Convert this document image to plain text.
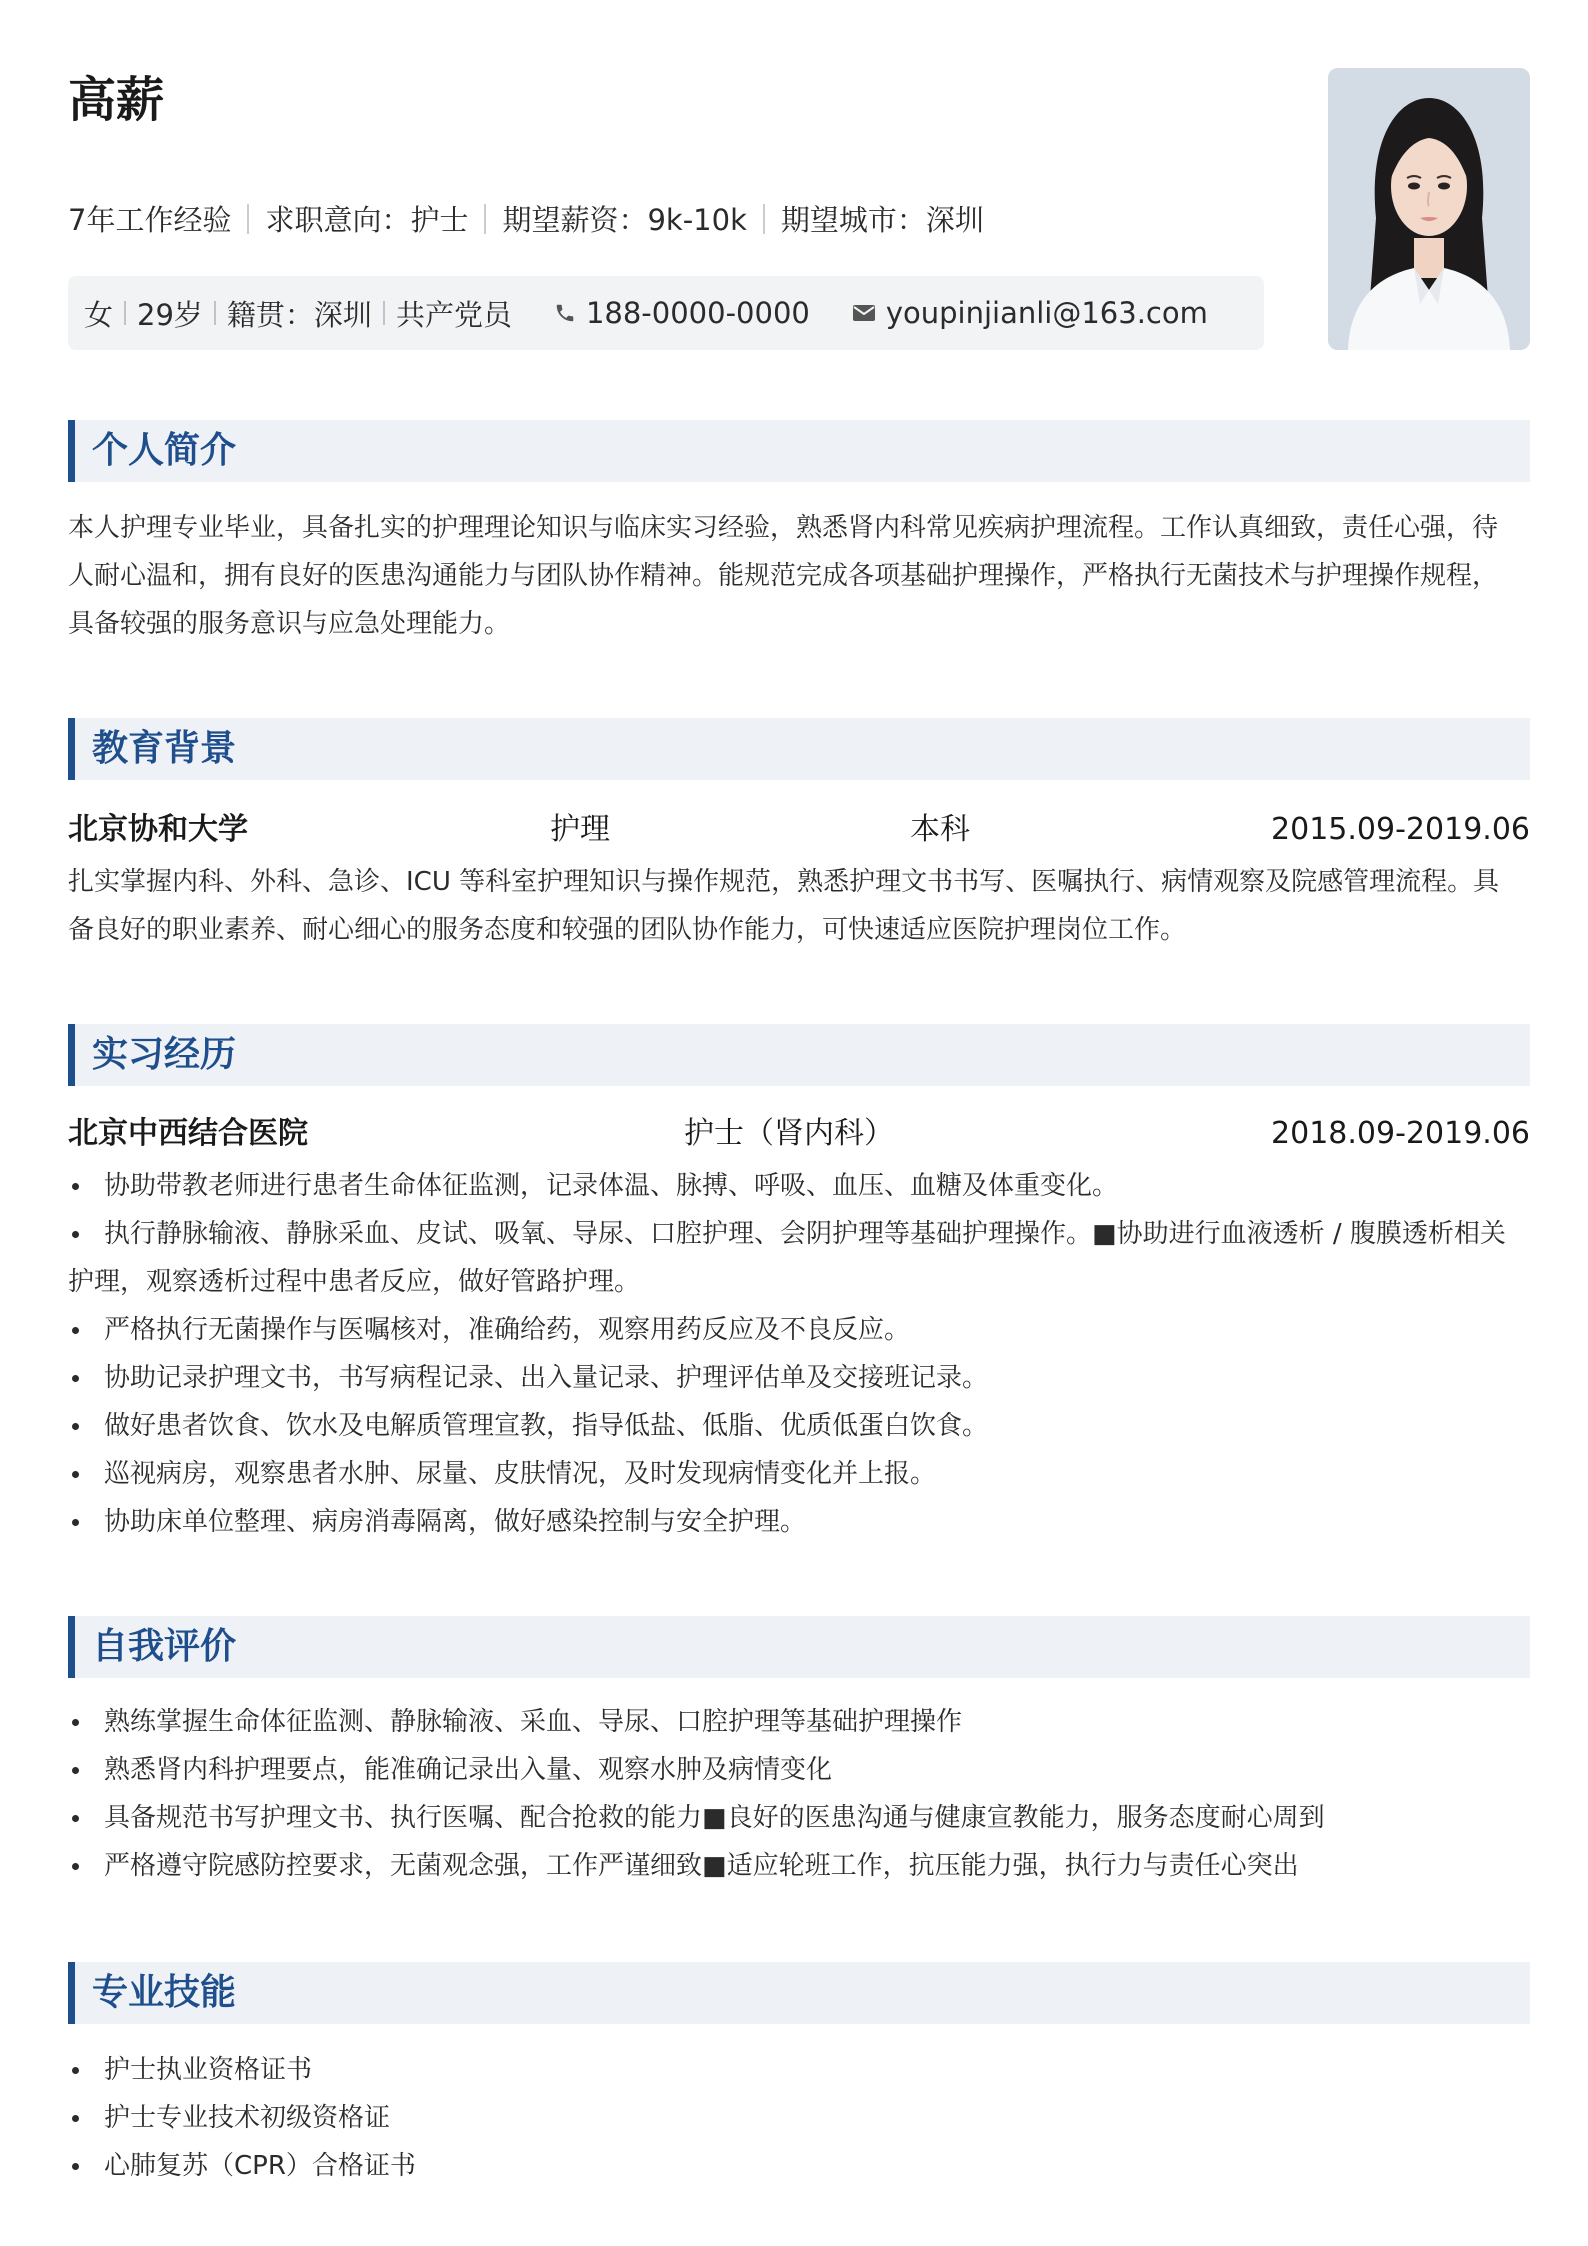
高薪
7年工作经验 求职意向：护士 期望薪资：9k-10k 期望城市：深圳
女 29岁 籍贯：深圳 共产党员	188-0000-0000	youpinjianli@163.com
个人简介
本人护理专业毕业，具备扎实的护理理论知识与临床实习经验，熟悉肾内科常见疾病护理流程。工作认真细致，责任心强，待
人耐心温和，拥有良好的医患沟通能力与团队协作精神。能规范完成各项基础护理操作，严格执行无菌技术与护理操作规程，
具备较强的服务意识与应急处理能力。
教育背景
北京协和大学	护理	本科	2015.09-2019.06
扎实掌握内科、外科、急诊、ICU 等科室护理知识与操作规范，熟悉护理文书书写、医嘱执行、病情观察及院感管理流程。具
备良好的职业素养、耐心细心的服务态度和较强的团队协作能力，可快速适应医院护理岗位工作。
实习经历
北京中西结合医院	护士（肾内科）	2018.09-2019.06
协助带教老师进行患者生命体征监测，记录体温、脉搏、呼吸、血压、血糖及体重变化。
执行静脉输液、静脉采血、皮试、吸氧、导尿、口腔护理、会阴护理等基础护理操作。■协助进行血液透析 / 腹膜透析相关护理，观察透析过程中患者反应，做好管路护理。
严格执行无菌操作与医嘱核对，准确给药，观察用药反应及不良反应。
协助记录护理文书，书写病程记录、出入量记录、护理评估单及交接班记录。
做好患者饮食、饮水及电解质管理宣教，指导低盐、低脂、优质低蛋白饮食。
巡视病房，观察患者水肿、尿量、皮肤情况，及时发现病情变化并上报。
协助床单位整理、病房消毒隔离，做好感染控制与安全护理。
自我评价
熟练掌握生命体征监测、静脉输液、采血、导尿、口腔护理等基础护理操作
熟悉肾内科护理要点，能准确记录出入量、观察水肿及病情变化
具备规范书写护理文书、执行医嘱、配合抢救的能力■良好的医患沟通与健康宣教能力，服务态度耐心周到
严格遵守院感防控要求，无菌观念强，工作严谨细致■适应轮班工作，抗压能力强，执行力与责任心突出
专业技能
护士执业资格证书
护士专业技术初级资格证
心肺复苏（CPR）合格证书
